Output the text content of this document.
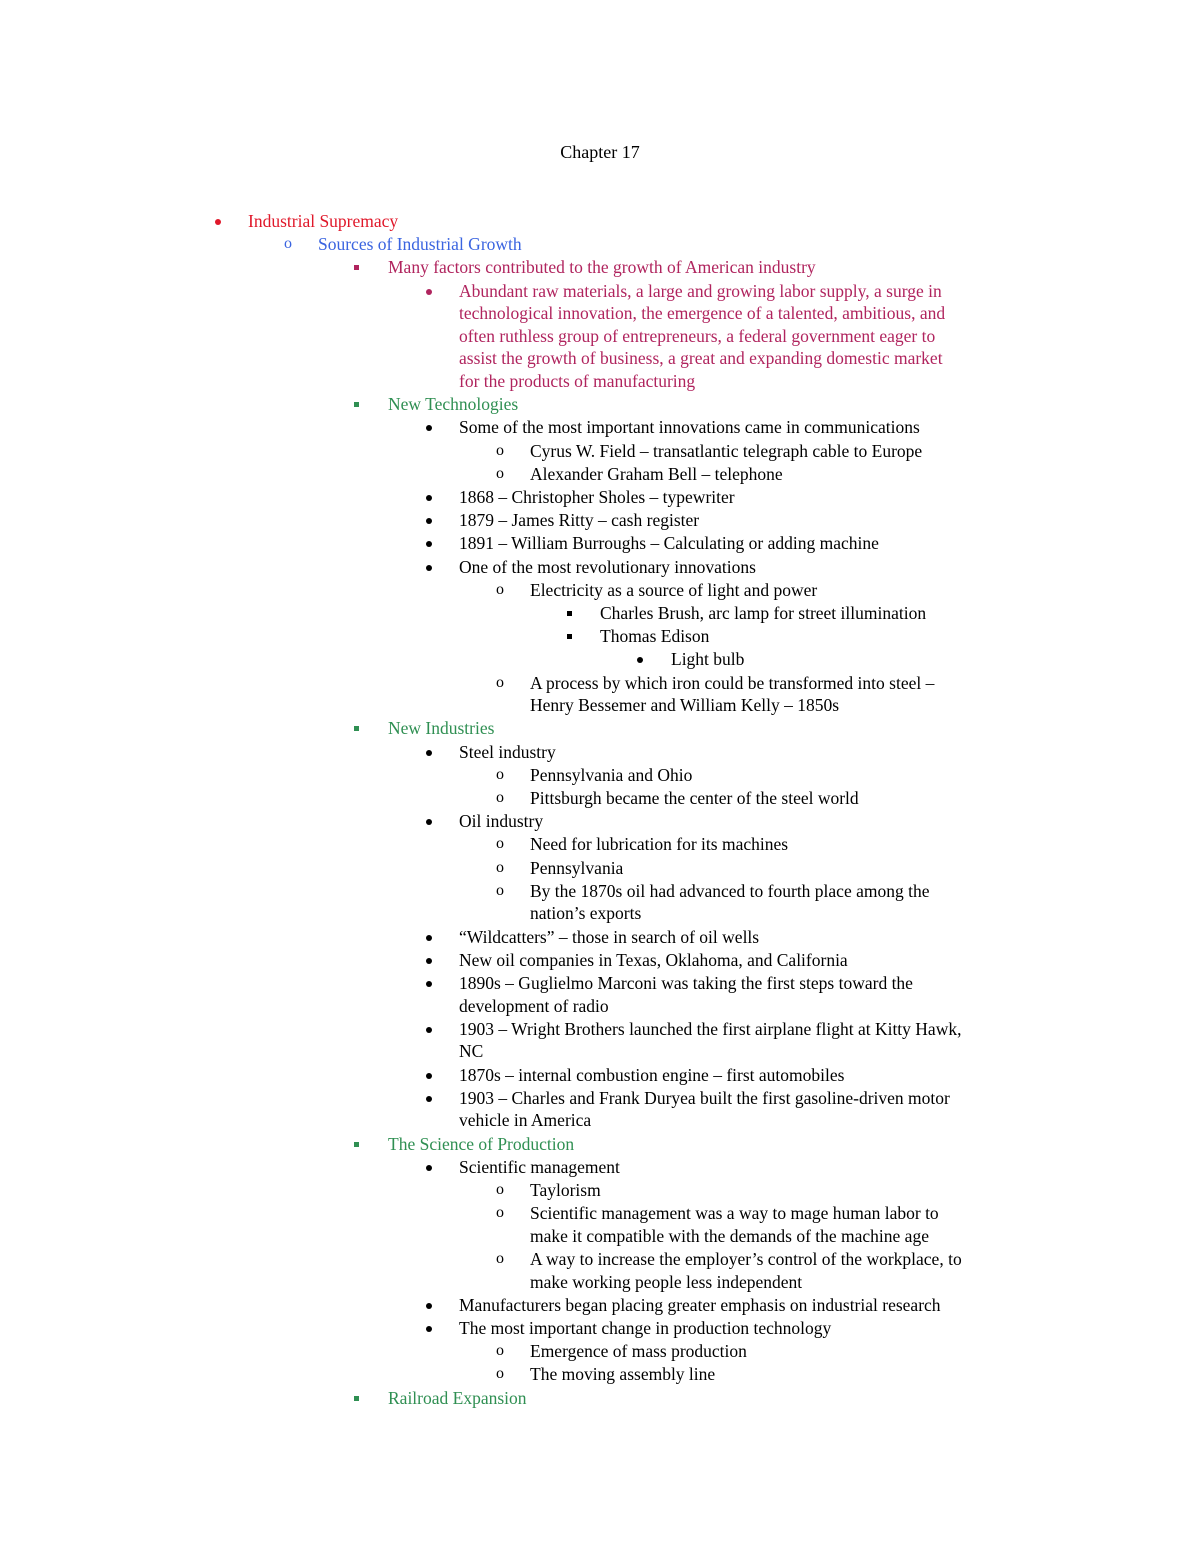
Chapter 17
Industrial Supremacy
o Sources of Industrial Growth
Many factors contributed to the growth of American industry
Abundant raw materials, a large and growing labor supply, a surge in
technological innovation, the emergence of a talented, ambitious, and
often ruthless group of entrepreneurs, a federal government eager to
assist the growth of business, a great and expanding domestic market
for the products of manufacturing
New Technologies
Some of the most important innovations came in communications
o Cyrus W. Field – transatlantic telegraph cable to Europe
o Alexander Graham Bell – telephone
1868 – Christopher Sholes – typewriter
1879 – James Ritty – cash register
1891 – William Burroughs – Calculating or adding machine
One of the most revolutionary innovations
o Electricity as a source of light and power
Charles Brush, arc lamp for street illumination
Thomas Edison
Light bulb
o A process by which iron could be transformed into steel –
Henry Bessemer and William Kelly – 1850s
New Industries
Steel industry
o Pennsylvania and Ohio
o Pittsburgh became the center of the steel world
Oil industry
o Need for lubrication for its machines
o Pennsylvania
o By the 1870s oil had advanced to fourth place among the
nation’s exports
“Wildcatters” – those in search of oil wells
New oil companies in Texas, Oklahoma, and California
1890s – Guglielmo Marconi was taking the first steps toward the
development of radio
1903 – Wright Brothers launched the first airplane flight at Kitty Hawk,
NC
1870s – internal combustion engine – first automobiles
1903 – Charles and Frank Duryea built the first gasoline-driven motor
vehicle in America
The Science of Production
Scientific management
o Taylorism
o Scientific management was a way to mage human labor to
make it compatible with the demands of the machine age
o A way to increase the employer’s control of the workplace, to
make working people less independent
Manufacturers began placing greater emphasis on industrial research
The most important change in production technology
o Emergence of mass production
o The moving assembly line
Railroad Expansion
